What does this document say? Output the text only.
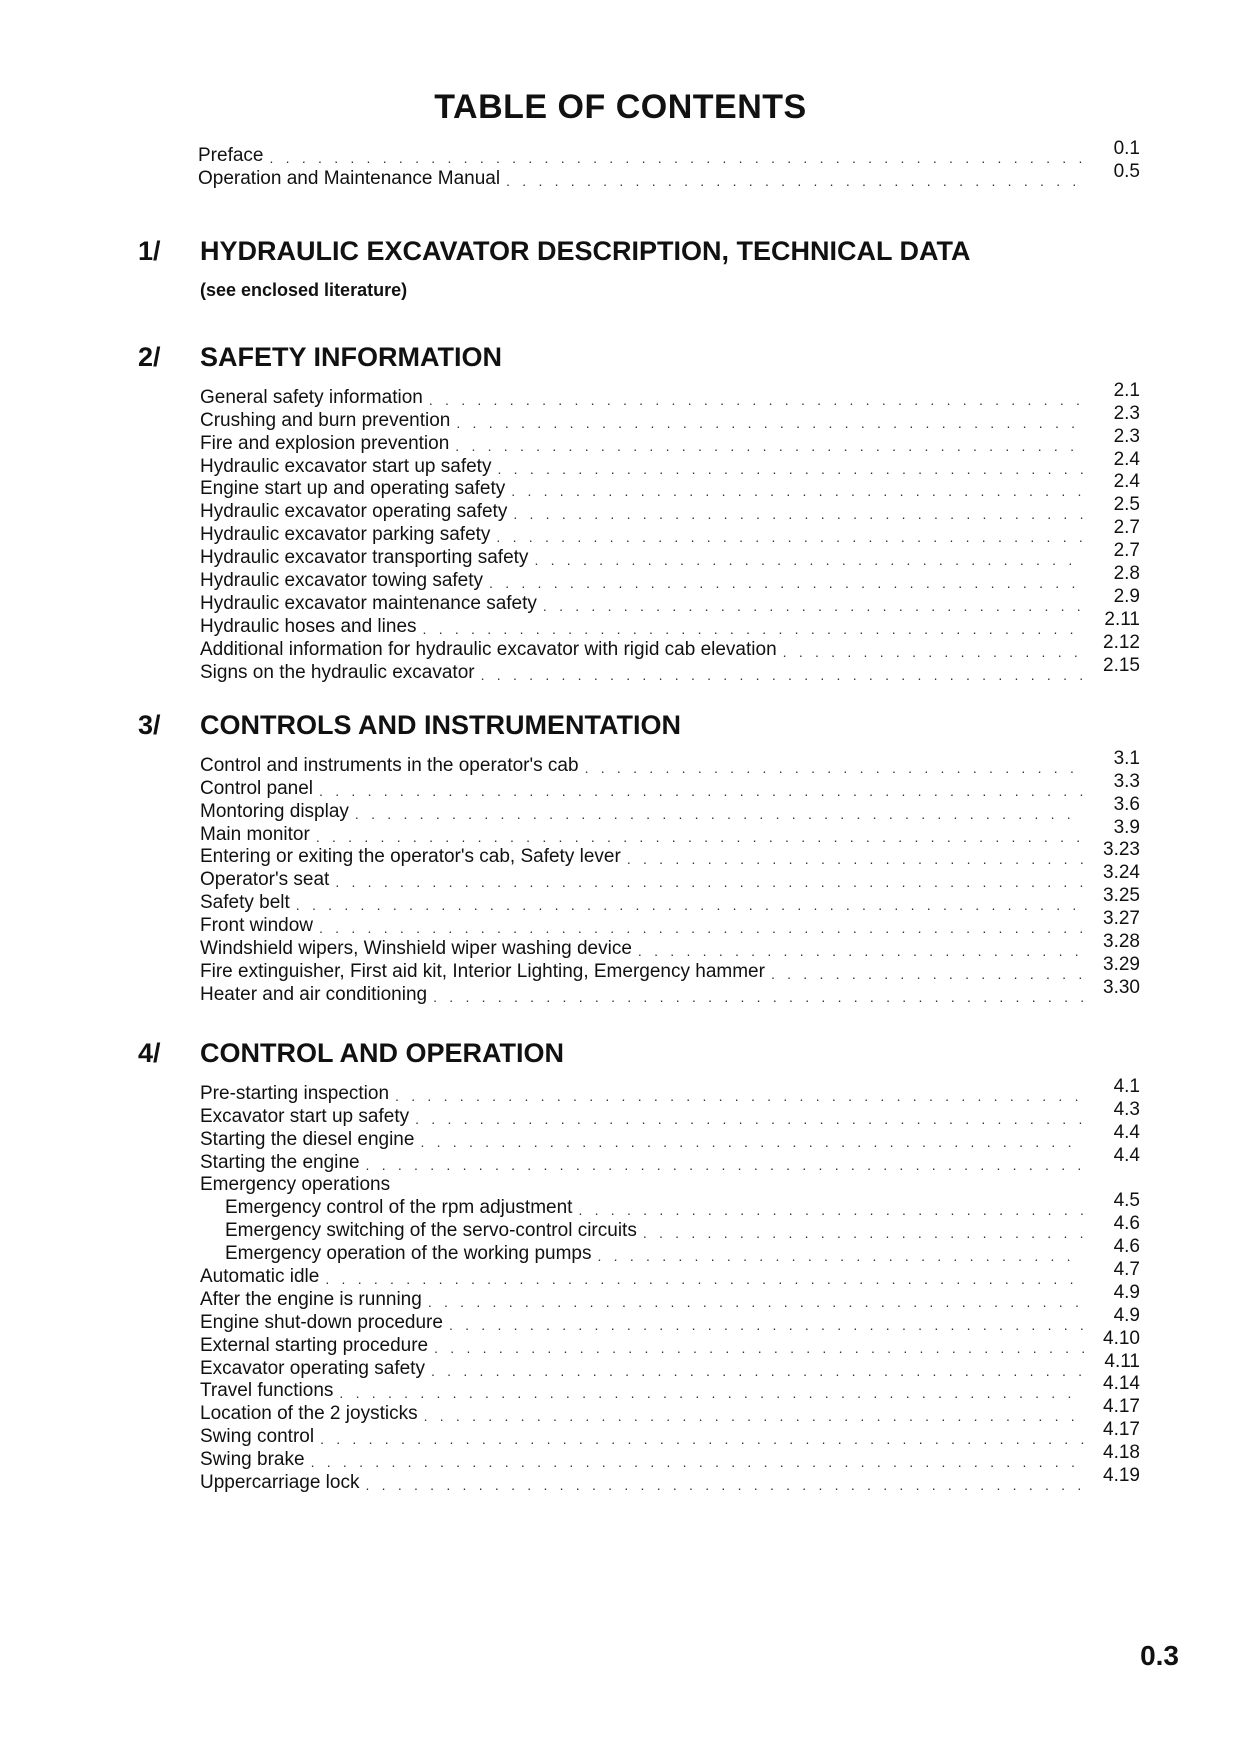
TABLE OF CONTENTS
Preface . . .	0.1
Operation and Maintenance Manual . . .	0.5
1/ HYDRAULIC EXCAVATOR DESCRIPTION, TECHNICAL DATA
(see enclosed literature)
2/ SAFETY INFORMATION
General safety information . . .	2.1
Crushing and burn prevention . . .	2.3
Fire and explosion prevention . . .	2.3
Hydraulic excavator start up safety . . .	2.4
Engine start up and operating safety . . .	2.4
Hydraulic excavator operating safety . . .	2.5
Hydraulic excavator parking safety . . .	2.7
Hydraulic excavator transporting safety . . .	2.7
Hydraulic excavator towing safety . . .	2.8
Hydraulic excavator maintenance safety . . .	2.9
Hydraulic hoses and lines . . .	2.11
Additional information for hydraulic excavator with rigid cab elevation . . .	2.12
Signs on the hydraulic excavator . . .	2.15
3/ CONTROLS AND INSTRUMENTATION
Control and instruments in the operator's cab . . .	3.1
Control panel . . .	3.3
Montoring display . . .	3.6
Main monitor . . .	3.9
Entering or exiting the operator's cab, Safety lever . . .	3.23
Operator's seat . . .	3.24
Safety belt . . .	3.25
Front window . . .	3.27
Windshield wipers, Winshield wiper washing device . . .	3.28
Fire extinguisher, First aid kit, Interior Lighting, Emergency hammer . . .	3.29
Heater and air conditioning . . .	3.30
4/ CONTROL AND OPERATION
Pre-starting inspection . . .	4.1
Excavator start up safety . . .	4.3
Starting the diesel engine . . .	4.4
Starting the engine . . .	4.4
Emergency operations
Emergency control of the rpm adjustment . . .	4.5
Emergency switching of the servo-control circuits . . .	4.6
Emergency operation of the working pumps . . .	4.6
Automatic idle . . .	4.7
After the engine is running . . .	4.9
Engine shut-down procedure . . .	4.9
External starting procedure . . .	4.10
Excavator operating safety . . .	4.11
Travel functions . . .	4.14
Location of the 2 joysticks . . .	4.17
Swing control . . .	4.17
Swing brake . . .	4.18
Uppercarriage lock . . .	4.19
0.3
